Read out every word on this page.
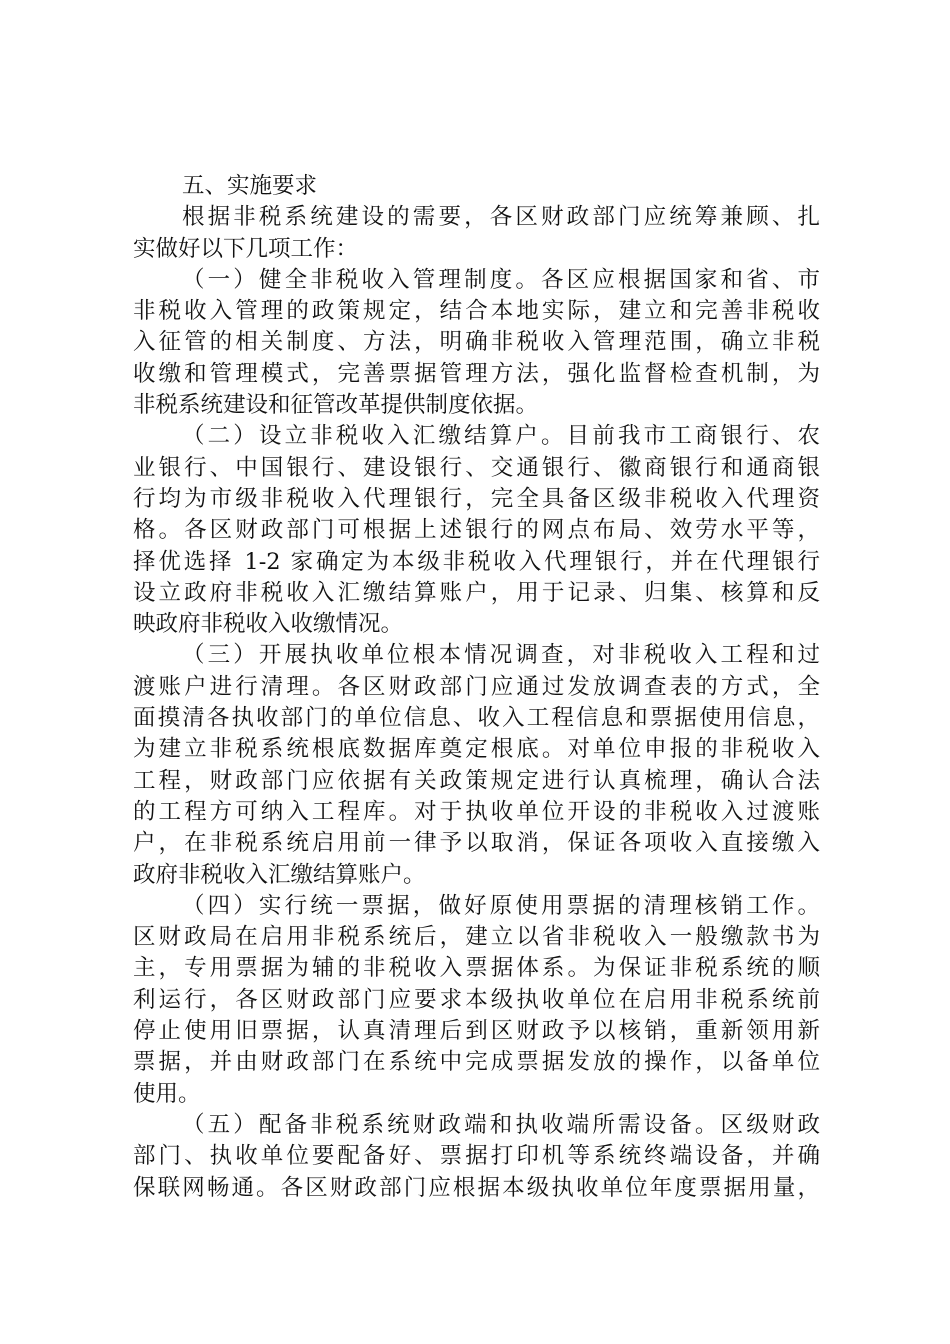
五、实施要求
根据非税系统建设的需要，各区财政部门应统筹兼顾、扎
实做好以下几项工作：
（一）健全非税收入管理制度。各区应根据国家和省、市
非税收入管理的政策规定，结合本地实际，建立和完善非税收
入征管的相关制度、方法，明确非税收入管理范围，确立非税
收缴和管理模式，完善票据管理方法，强化监督检查机制，为
非税系统建设和征管改革提供制度依据。
（二）设立非税收入汇缴结算户。目前我市工商银行、农
业银行、中国银行、建设银行、交通银行、徽商银行和通商银
行均为市级非税收入代理银行，完全具备区级非税收入代理资
格。各区财政部门可根据上述银行的网点布局、效劳水平等，
择优选择 1-2 家确定为本级非税收入代理银行，并在代理银行
设立政府非税收入汇缴结算账户，用于记录、归集、核算和反
映政府非税收入收缴情况。
（三）开展执收单位根本情况调查，对非税收入工程和过
渡账户进行清理。各区财政部门应通过发放调查表的方式，全
面摸清各执收部门的单位信息、收入工程信息和票据使用信息，
为建立非税系统根底数据库奠定根底。对单位申报的非税收入
工程，财政部门应依据有关政策规定进行认真梳理，确认合法
的工程方可纳入工程库。对于执收单位开设的非税收入过渡账
户，在非税系统启用前一律予以取消，保证各项收入直接缴入
政府非税收入汇缴结算账户。
（四）实行统一票据，做好原使用票据的清理核销工作。
区财政局在启用非税系统后，建立以省非税收入一般缴款书为
主，专用票据为辅的非税收入票据体系。为保证非税系统的顺
利运行，各区财政部门应要求本级执收单位在启用非税系统前
停止使用旧票据，认真清理后到区财政予以核销，重新领用新
票据，并由财政部门在系统中完成票据发放的操作，以备单位
使用。
（五）配备非税系统财政端和执收端所需设备。区级财政
部门、执收单位要配备好、票据打印机等系统终端设备，并确
保联网畅通。各区财政部门应根据本级执收单位年度票据用量，
